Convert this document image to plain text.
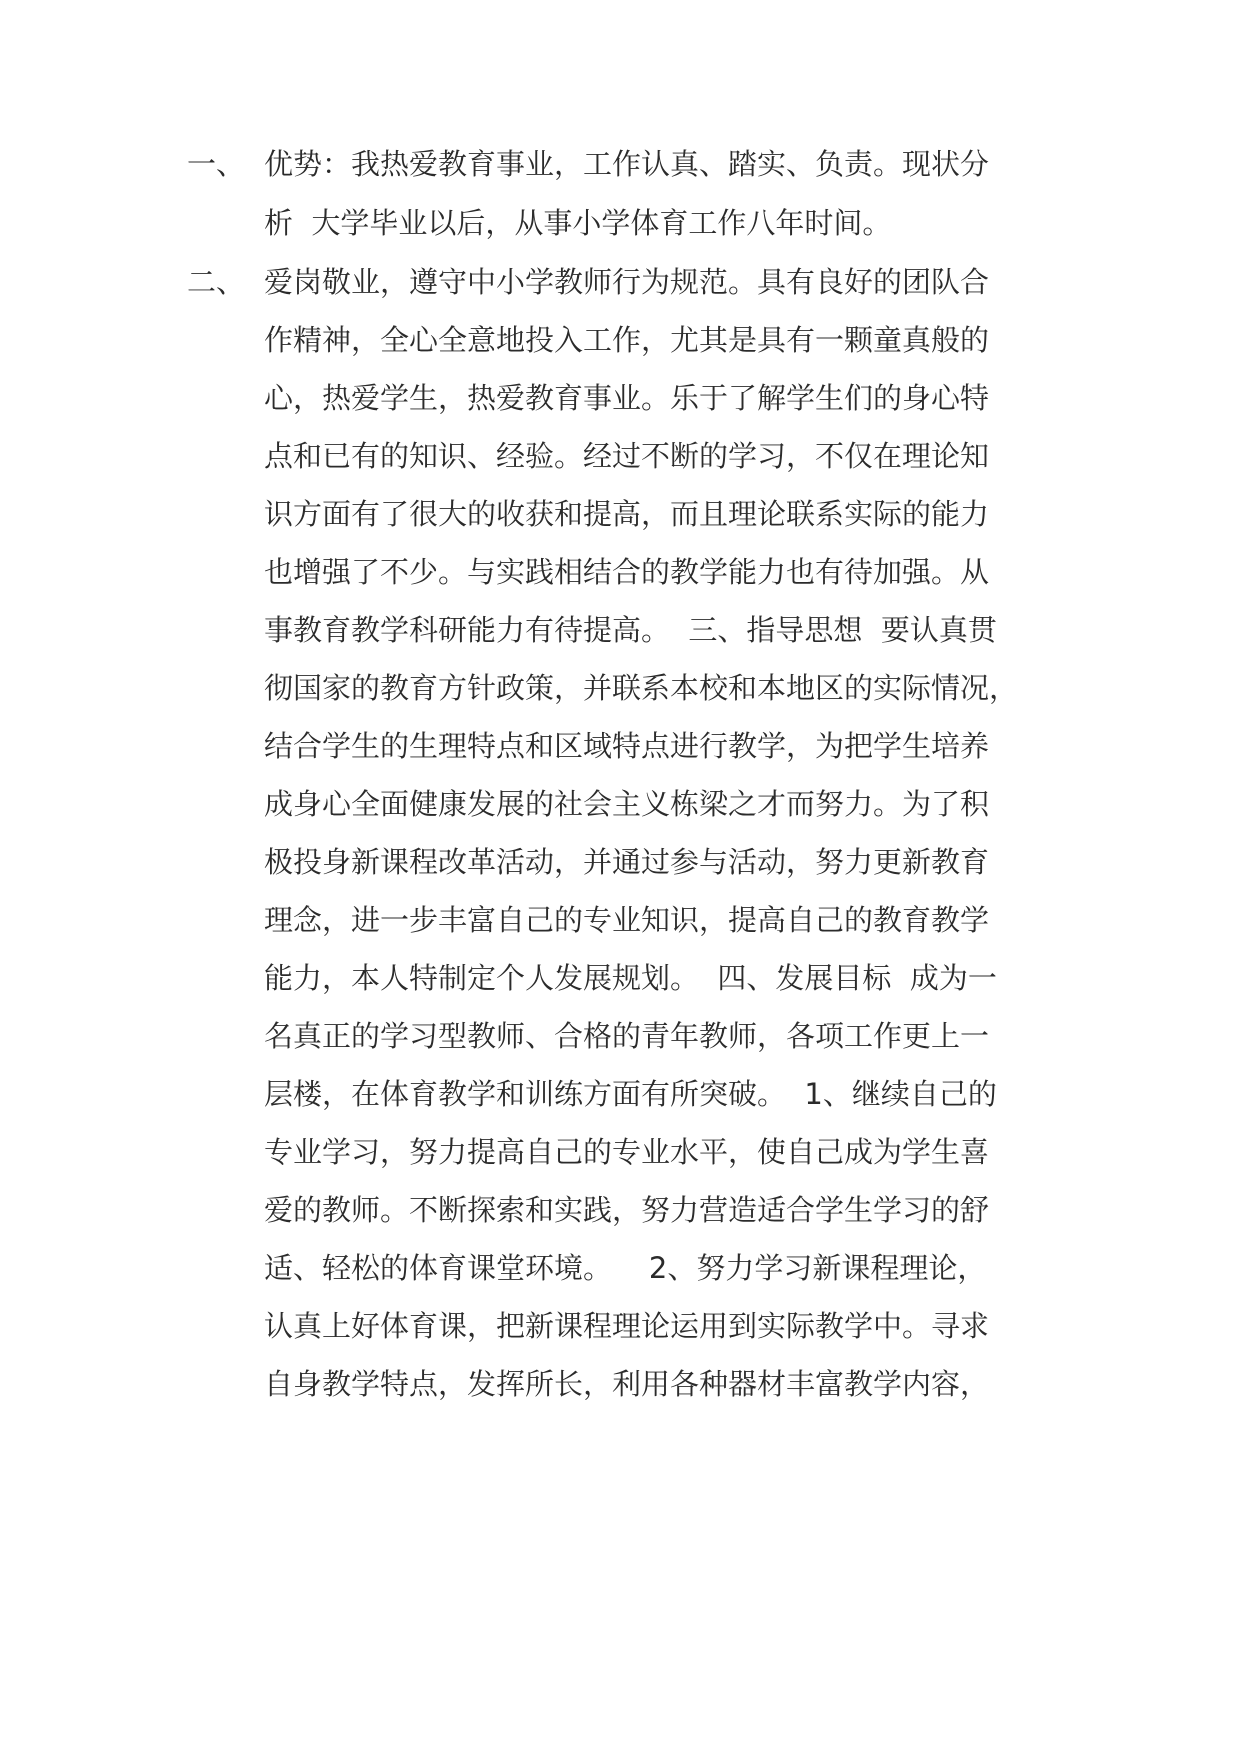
一、 优势：我热爱教育事业，工作认真、踏实、负责。现状分
析  大学毕业以后，从事小学体育工作八年时间。
二、 爱岗敬业，遵守中小学教师行为规范。具有良好的团队合
作精神，全心全意地投入工作，尤其是具有一颗童真般的
心，热爱学生，热爱教育事业。乐于了解学生们的身心特
点和已有的知识、经验。经过不断的学习，不仅在理论知
识方面有了很大的收获和提高，而且理论联系实际的能力
也增强了不少。与实践相结合的教学能力也有待加强。从
事教育教学科研能力有待提高。  三、指导思想  要认真贯
彻国家的教育方针政策，并联系本校和本地区的实际情况，
结合学生的生理特点和区域特点进行教学，为把学生培养
成身心全面健康发展的社会主义栋梁之才而努力。为了积
极投身新课程改革活动，并通过参与活动，努力更新教育
理念，进一步丰富自己的专业知识，提高自己的教育教学
能力，本人特制定个人发展规划。  四、发展目标  成为一
名真正的学习型教师、合格的青年教师，各项工作更上一
层楼，在体育教学和训练方面有所突破。  1、继续自己的
专业学习，努力提高自己的专业水平，使自己成为学生喜
爱的教师。不断探索和实践，努力营造适合学生学习的舒
适、轻松的体育课堂环境。    2、努力学习新课程理论，
认真上好体育课，把新课程理论运用到实际教学中。寻求
自身教学特点，发挥所长，利用各种器材丰富教学内容，
